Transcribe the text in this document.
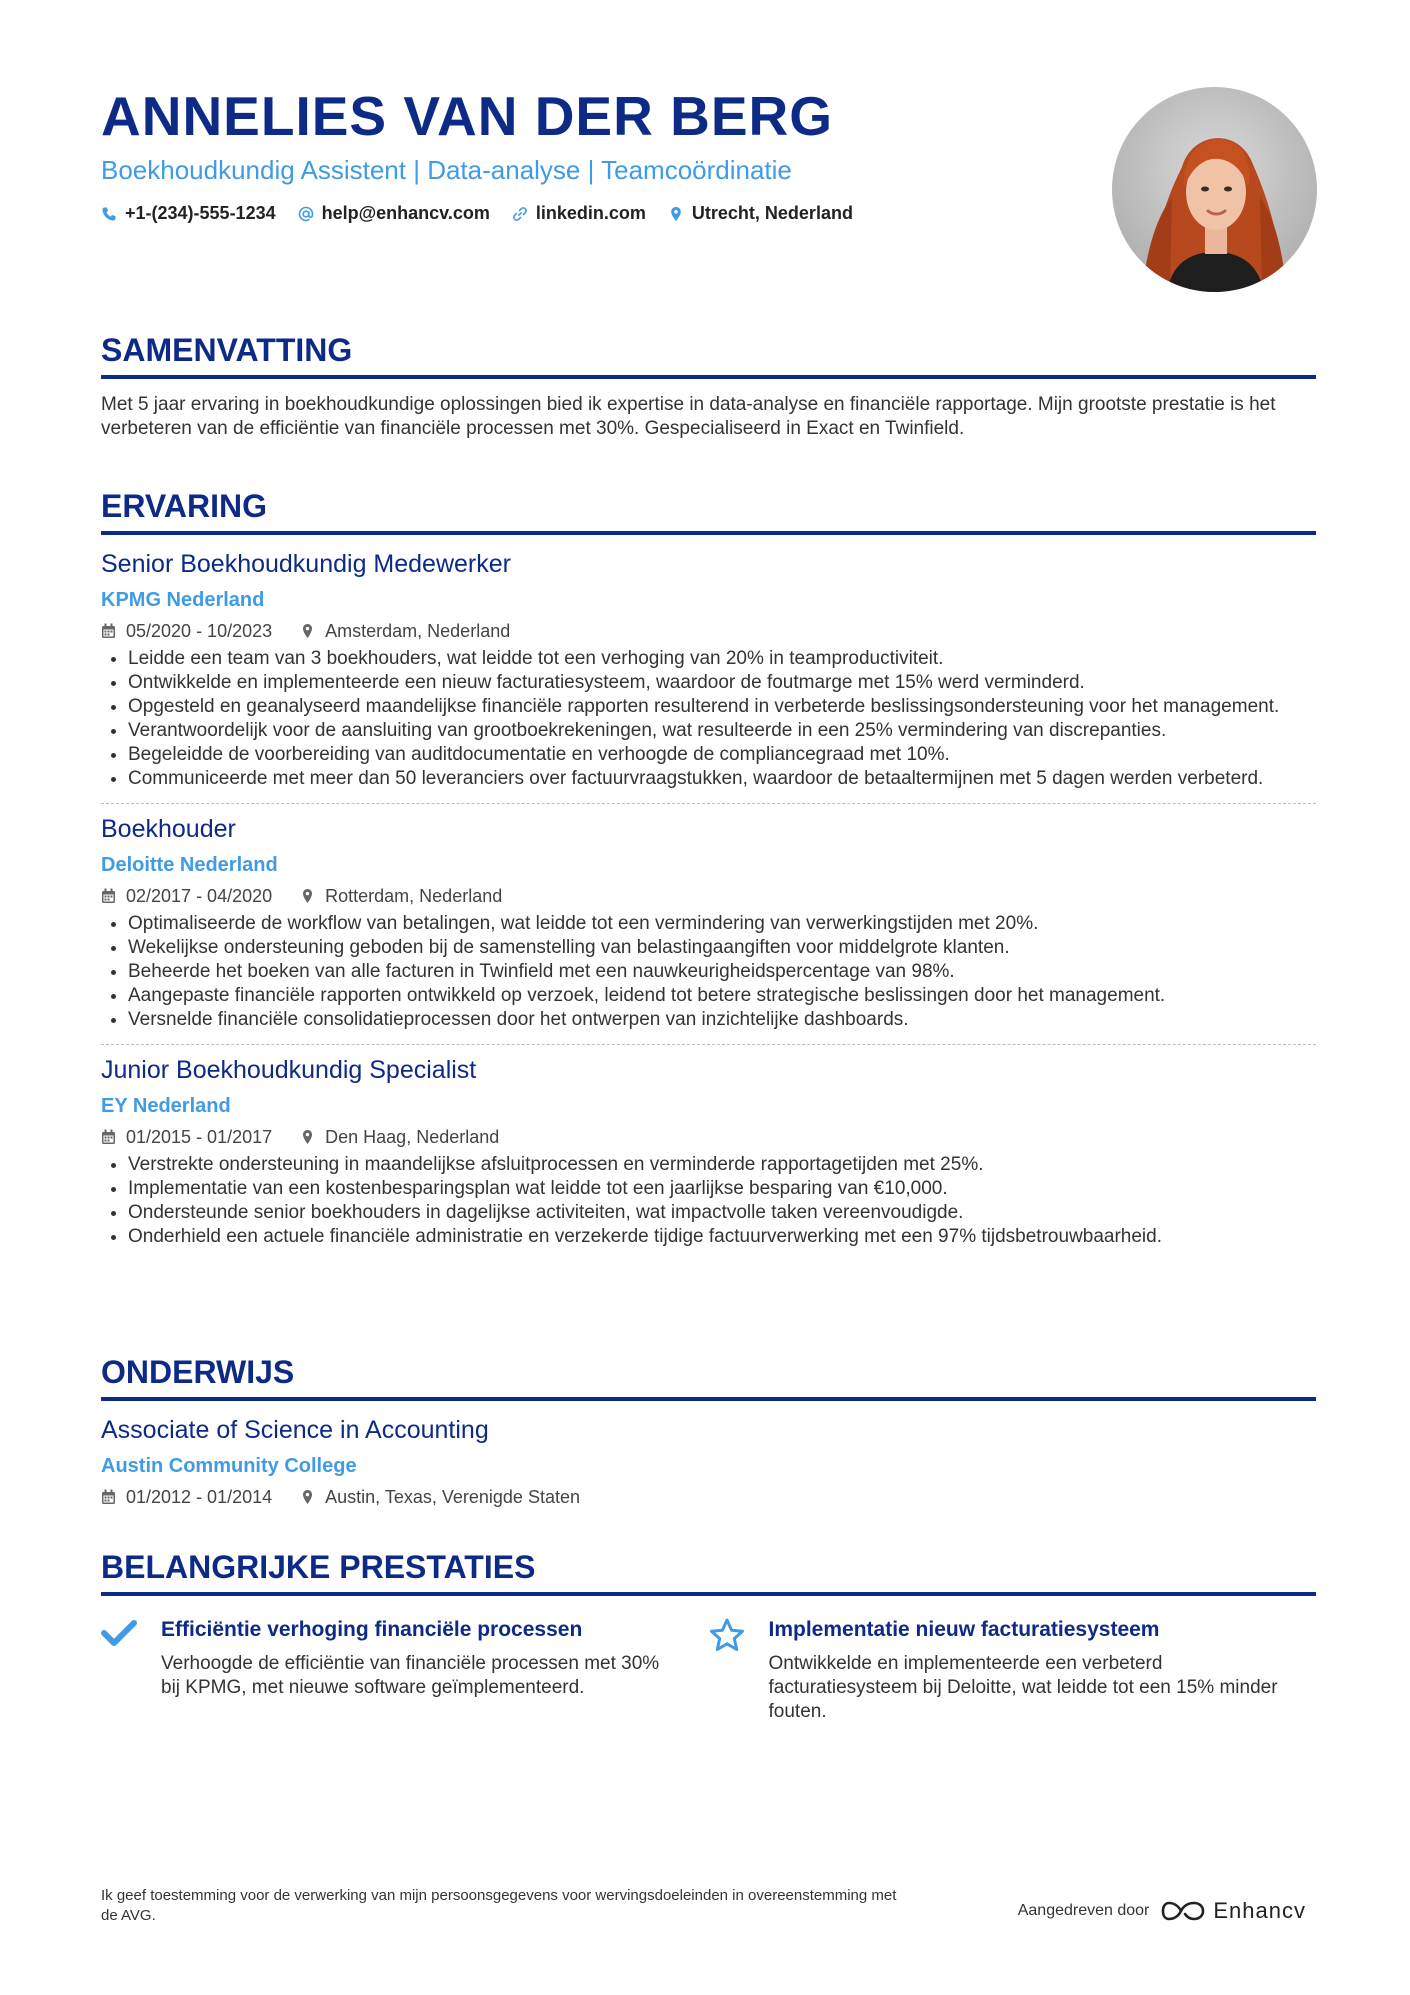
ANNELIES VAN DER BERG
Boekhoudkundig Assistent | Data-analyse | Teamcoördinatie
+1-(234)-555-1234	help@enhancv.com	linkedin.com	Utrecht, Nederland
SAMENVATTING
Met 5 jaar ervaring in boekhoudkundige oplossingen bied ik expertise in data-analyse en financiële rapportage. Mijn grootste prestatie is het verbeteren van de efficiëntie van financiële processen met 30%. Gespecialiseerd in Exact en Twinfield.
ERVARING
Senior Boekhoudkundig Medewerker
KPMG Nederland
05/2020 - 10/2023	Amsterdam, Nederland
• Leidde een team van 3 boekhouders, wat leidde tot een verhoging van 20% in teamproductiviteit.
• Ontwikkelde en implementeerde een nieuw facturatiesysteem, waardoor de foutmarge met 15% werd verminderd.
• Opgesteld en geanalyseerd maandelijkse financiële rapporten resulterend in verbeterde beslissingsondersteuning voor het management.
• Verantwoordelijk voor de aansluiting van grootboekrekeningen, wat resulteerde in een 25% vermindering van discrepanties.
• Begeleidde de voorbereiding van auditdocumentatie en verhoogde de compliancegraad met 10%.
• Communiceerde met meer dan 50 leveranciers over factuurvraagstukken, waardoor de betaaltermijnen met 5 dagen werden verbeterd.
Boekhouder
Deloitte Nederland
02/2017 - 04/2020	Rotterdam, Nederland
• Optimaliseerde de workflow van betalingen, wat leidde tot een vermindering van verwerkingstijden met 20%.
• Wekelijkse ondersteuning geboden bij de samenstelling van belastingaangiften voor middelgrote klanten.
• Beheerde het boeken van alle facturen in Twinfield met een nauwkeurigheidspercentage van 98%.
• Aangepaste financiële rapporten ontwikkeld op verzoek, leidend tot betere strategische beslissingen door het management.
• Versnelde financiële consolidatieprocessen door het ontwerpen van inzichtelijke dashboards.
Junior Boekhoudkundig Specialist
EY Nederland
01/2015 - 01/2017	Den Haag, Nederland
• Verstrekte ondersteuning in maandelijkse afsluitprocessen en verminderde rapportagetijden met 25%.
• Implementatie van een kostenbesparingsplan wat leidde tot een jaarlijkse besparing van €10,000.
• Ondersteunde senior boekhouders in dagelijkse activiteiten, wat impactvolle taken vereenvoudigde.
• Onderhield een actuele financiële administratie en verzekerde tijdige factuurverwerking met een 97% tijdsbetrouwbaarheid.
ONDERWIJS
Associate of Science in Accounting
Austin Community College
01/2012 - 01/2014	Austin, Texas, Verenigde Staten
BELANGRIJKE PRESTATIES
Efficiëntie verhoging financiële processen
Verhoogde de efficiëntie van financiële processen met 30% bij KPMG, met nieuwe software geïmplementeerd.
Implementatie nieuw facturatiesysteem
Ontwikkelde en implementeerde een verbeterd facturatiesysteem bij Deloitte, wat leidde tot een 15% minder fouten.
Ik geef toestemming voor de verwerking van mijn persoonsgegevens voor wervingsdoeleinden in overeenstemming met de AVG.	Aangedreven door	Enhancv
